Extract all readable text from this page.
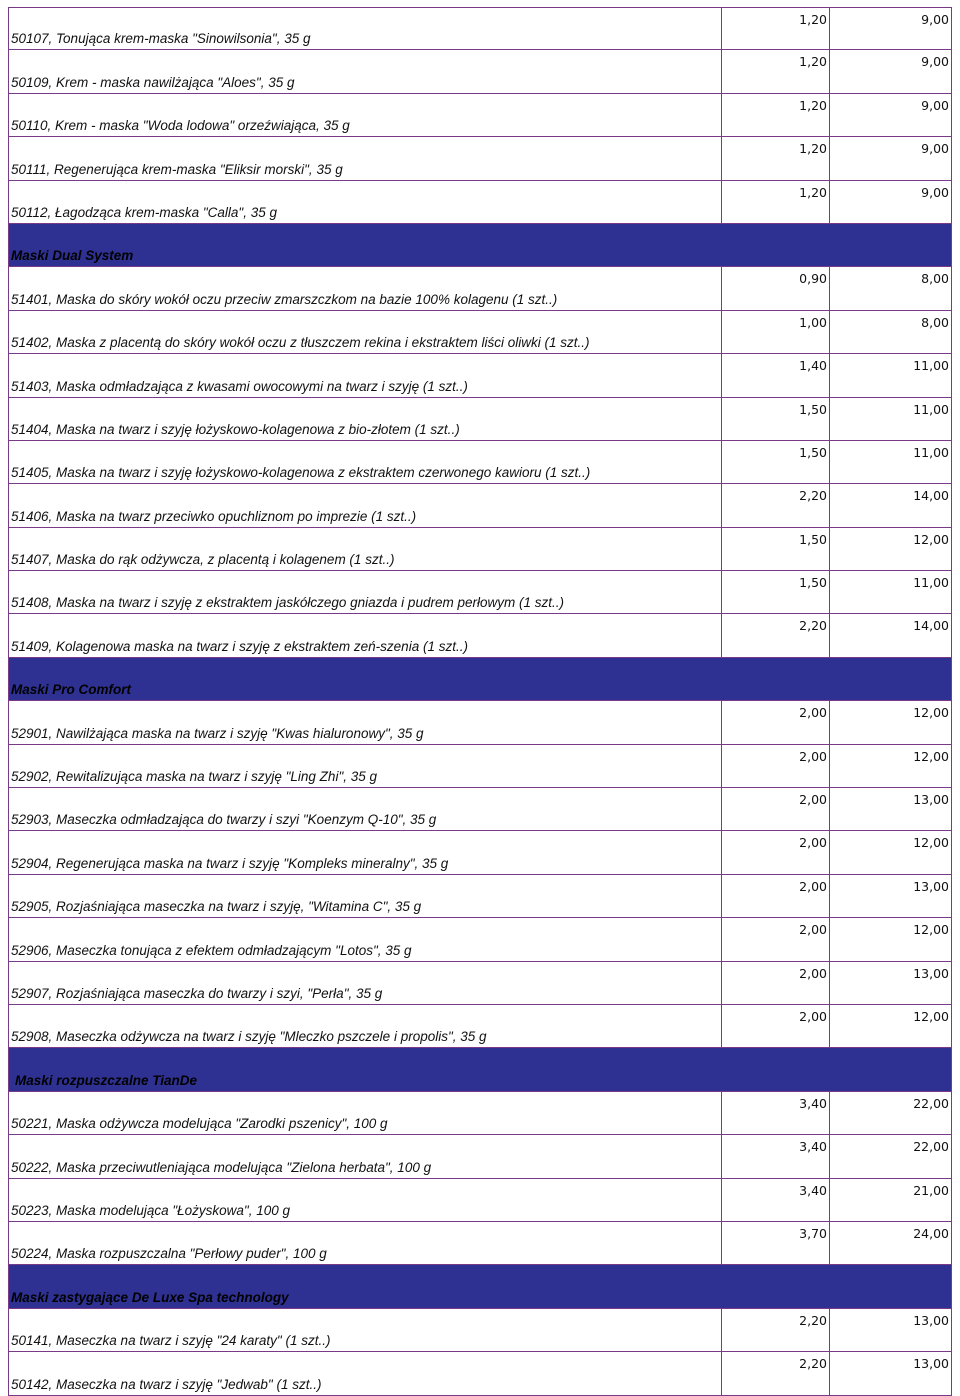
50107, Tonująca krem-maska "Sinowilsonia", 35 g
1,20	9,00
50109, Krem - maska nawilżająca "Aloes", 35 g
1,20	9,00
50110, Krem - maska "Woda lodowa" orzeźwiająca, 35 g
1,20	9,00
50111, Regenerująca krem-maska "Eliksir morski", 35 g
1,20	9,00
50112, Łagodząca krem-maska "Calla", 35 g
1,20	9,00
Maski Dual System
51401, Maska do skóry wokół oczu przeciw zmarszczkom na bazie 100% kolagenu (1 szt..)
0,90	8,00
51402, Maska z placentą do skóry wokół oczu z tłuszczem rekina i ekstraktem liści oliwki (1 szt..)
1,00	8,00
51403, Maska odmładzająca z kwasami owocowymi na twarz i szyję (1 szt..)
1,40	11,00
51404, Maska na twarz i szyję łożyskowo-kolagenowa z bio-złotem (1 szt..)
1,50	11,00
51405, Maska na twarz i szyję łożyskowo-kolagenowa z ekstraktem czerwonego kawioru (1 szt..)
1,50	11,00
51406, Maska na twarz przeciwko opuchliznom po imprezie (1 szt..)
2,20	14,00
51407, Maska do rąk odżywcza, z placentą i kolagenem (1 szt..)
1,50	12,00
51408, Maska na twarz i szyję z ekstraktem jaskółczego gniazda i pudrem perłowym (1 szt..)
1,50	11,00
51409, Kolagenowa maska na twarz i szyję z ekstraktem zeń-szenia (1 szt..)
2,20	14,00
Maski Pro Comfort
52901, Nawilżająca maska na twarz i szyję "Kwas hialuronowy", 35 g
2,00	12,00
52902, Rewitalizująca maska na twarz i szyję "Ling Zhi", 35 g
2,00	12,00
52903, Maseczka odmładzająca do twarzy i szyi "Koenzym Q-10", 35 g
2,00	13,00
52904, Regenerująca maska na twarz i szyję "Kompleks mineralny", 35 g
2,00	12,00
52905, Rozjaśniająca maseczka na twarz i szyję, "Witamina C", 35 g
2,00	13,00
52906, Maseczka tonująca z efektem odmładzającym "Lotos", 35 g
2,00	12,00
52907, Rozjaśniająca maseczka do twarzy i szyi, "Perła", 35 g
2,00	13,00
52908, Maseczka odżywcza na twarz i szyję "Mleczko pszczele i propolis", 35 g
2,00	12,00
Maski rozpuszczalne TianDe
50221, Maska odżywcza modelująca "Zarodki pszenicy", 100 g
3,40	22,00
50222, Maska przeciwutleniająca modelująca "Zielona herbata", 100 g
3,40	22,00
50223, Maska modelująca "Łożyskowa", 100 g
3,40	21,00
50224, Maska rozpuszczalna "Perłowy puder", 100 g
3,70	24,00
Maski zastygające De Luxe Spa technology
50141, Maseczka na twarz i szyję "24 karaty" (1 szt..)
2,20	13,00
50142, Maseczka na twarz i szyję "Jedwab" (1 szt..)
2,20	13,00
